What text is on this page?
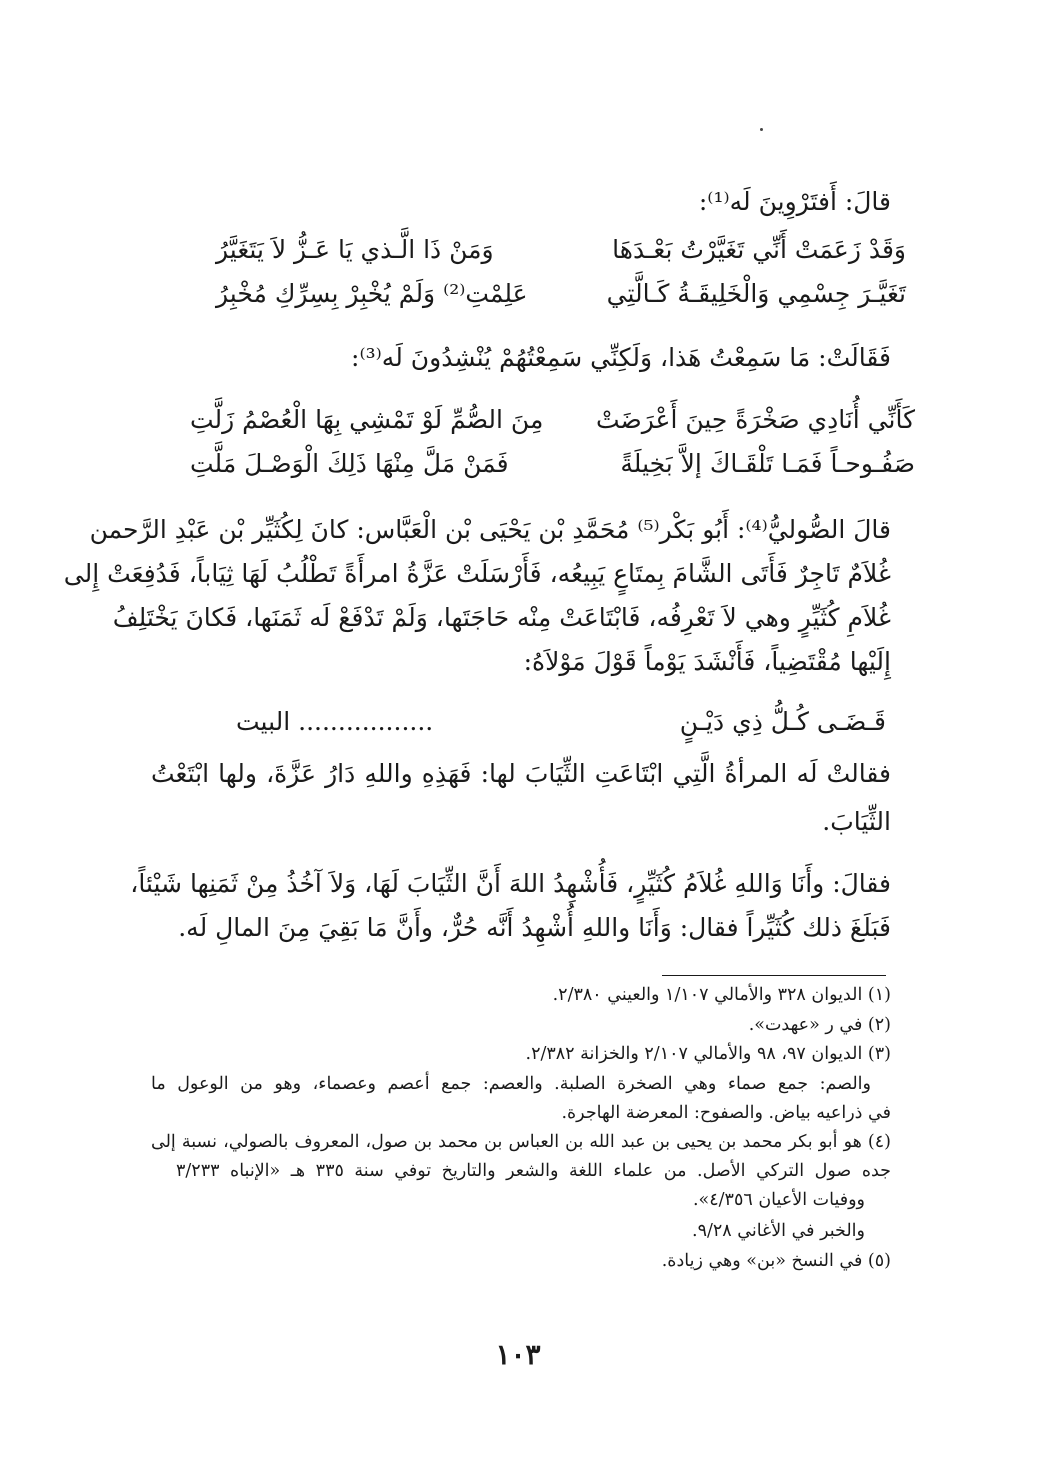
قالَ: أَفتَرْوِينَ لَه⁽¹⁾:
وَقَدْ زَعَمَتْ أَنِّي تَغَيَّرْتُ بَعْـدَهَا
وَمَنْ ذَا الَّـذي يَا عَـزُّ لاَ يَتَغَيَّرُ
تَغَيَّـرَ جِسْمِي وَالْخَلِيقَـةُ كَـالَّتِي
عَلِمْتِ⁽²⁾ وَلَمْ يُخْبِرْ بِسِرِّكِ مُخْبِرُ
فَقَالَتْ: مَا سَمِعْتُ هَذا، وَلَكِنِّي سَمِعْتُهُمْ يُنْشِدُونَ لَه⁽³⁾:
كَأَنِّي أُنَادِي صَخْرَةً حِينَ أَعْرَضَتْ
مِنَ الصُّمِّ لَوْ تَمْشِي بِهَا الْعُصْمُ زَلَّتِ
صَفُـوحـاً فَمَـا تَلْقَـاكَ إلاَّ بَخِيلَةً
فَمَنْ مَلَّ مِنْهَا ذَلِكَ الْوَصْـلَ مَلَّتِ
قالَ الصُّوليُّ⁽⁴⁾: أَبُو بَكْر⁽⁵⁾ مُحَمَّدِ بْن يَحْيَى بْن الْعَبَّاس: كانَ لِكُثَيِّر بْن عَبْدِ الرَّحمن
غُلاَمٌ تَاجِرٌ فَأَتَى الشَّامَ بِمتَاعٍ يَبِيعُه، فَأَرْسَلَتْ عَزَّةُ امرأَةً تَطْلُبُ لَهَا ثِيَاباً، فَدُفِعَتْ إِلى
غُلاَمِ كُثَيِّرٍ وهي لاَ تَعْرِفُه، فَابْتَاعَتْ مِنْه حَاجَتَها، وَلَمْ تَدْفَعْ لَه ثَمَنَها، فَكانَ يَخْتَلِفُ
إِلَيْها مُقْتَضِياً، فَأَنْشَدَ يَوْماً قَوْلَ مَوْلاَهُ:
قَـضَـى كُـلُّ ذِي دَيْـنٍ
................. البيت
فقالتْ لَه المرأةُ الَّتِي ابْتَاعَتِ الثِّيَابَ لها: فَهَذِهِ واللهِ دَارُ عَزَّةَ، ولها ابْتَعْتُ
الثِّيَابَ.
فقالَ: وأَنَا وَاللهِ غُلاَمُ كُثَيِّرٍ، فَأُشْهِدُ اللهَ أَنَّ الثِّيَابَ لَهَا، وَلاَ آخُذُ مِنْ ثَمَنِها شَيْئاً،
فَبَلَغَ ذلك كُثَيِّراً فقال: وَأَنَا واللهِ أُشْهِدُ أَنَّه حُرٌّ، وأَنَّ مَا بَقِيَ مِنَ المالِ لَه.
(١) الديوان ٣٢٨ والأمالي ١/١٠٧ والعيني ٢/٣٨٠.
(٢) في ر «عهدت».
(٣) الديوان ٩٧، ٩٨ والأمالي ٢/١٠٧ والخزانة ٢/٣٨٢.
والصم: جمع صماء وهي الصخرة الصلبة. والعصم: جمع أعصم وعصماء، وهو من الوعول ما
في ذراعيه بياض. والصفوح: المعرضة الهاجرة.
(٤) هو أبو بكر محمد بن يحيى بن عبد الله بن العباس بن محمد بن صول، المعروف بالصولي، نسبة إلى
جده صول التركي الأصل. من علماء اللغة والشعر والتاريخ توفي سنة ٣٣٥ هـ «الإنباه ٣/٢٣٣
ووفيات الأعيان ٤/٣٥٦».
والخبر في الأغاني ٩/٢٨.
(٥) في النسخ «بن» وهي زيادة.
١٠٣
